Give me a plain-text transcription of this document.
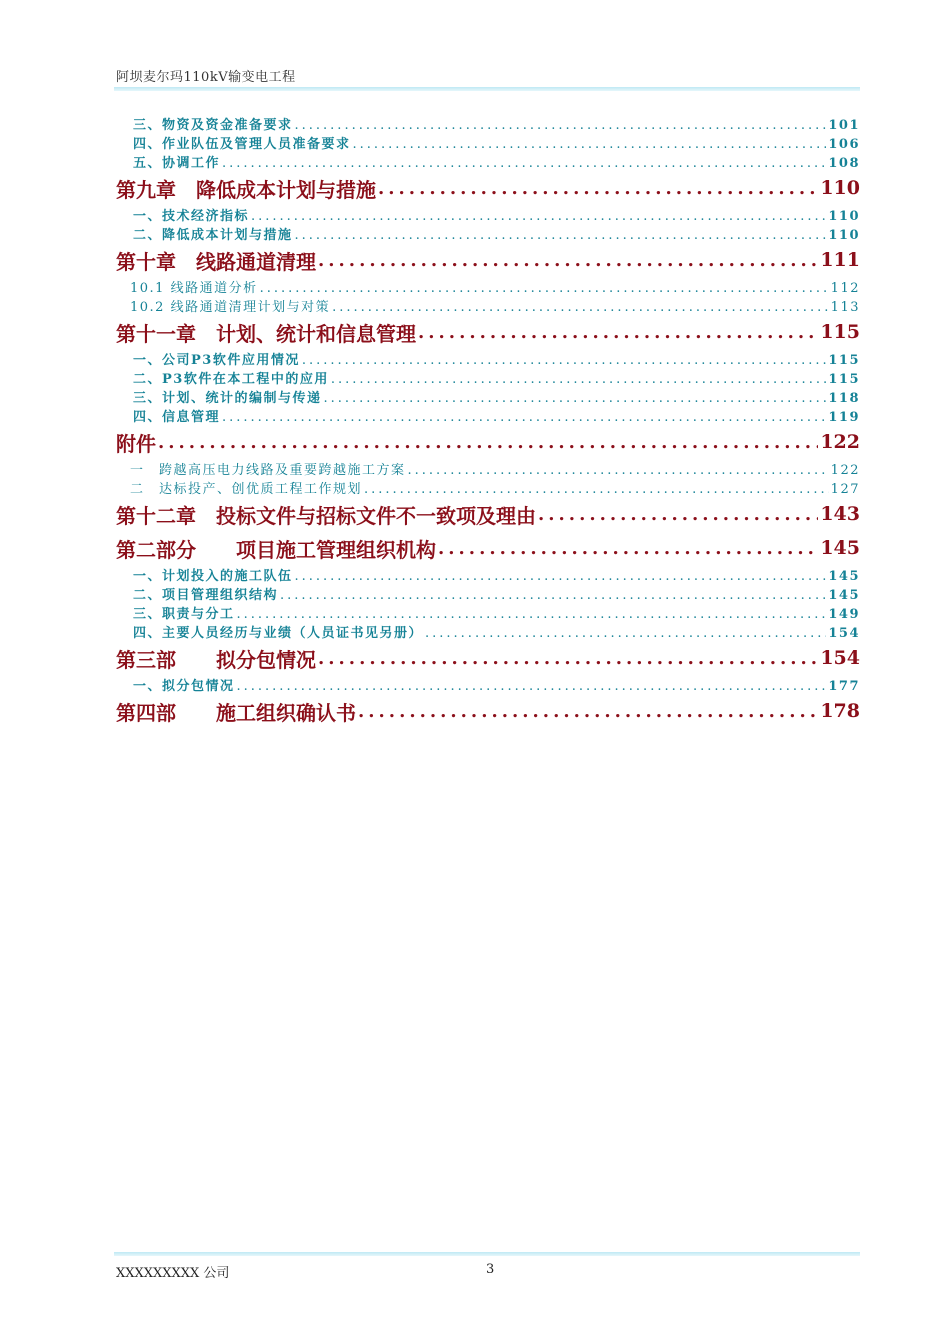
阿坝麦尔玛110kV输变电工程
三、物资及资金准备要求 .....	101
四、作业队伍及管理人员准备要求 .....	106
五、协调工作 .....	108
第九章　降低成本计划与措施 .....	110
一、技术经济指标 .....	110
二、降低成本计划与措施 .....	110
第十章　线路通道清理 .....	111
10.1 线路通道分析 .....	112
10.2 线路通道清理计划与对策 .....	113
第十一章　计划、统计和信息管理 .....	115
一、公司P3软件应用情况 .....	115
二、P3软件在本工程中的应用 .....	115
三、计划、统计的编制与传递 .....	118
四、信息管理 .....	119
附件 .....	122
一　跨越高压电力线路及重要跨越施工方案 .....	122
二　达标投产、创优质工程工作规划 .....	127
第十二章　投标文件与招标文件不一致项及理由 .....	143
第二部分　　项目施工管理组织机构 .....	145
一、计划投入的施工队伍 .....	145
二、项目管理组织结构 .....	145
三、职责与分工 .....	149
四、主要人员经历与业绩（人员证书见另册） .....	154
第三部　　拟分包情况 .....	154
一、拟分包情况 .....	177
第四部　　施工组织确认书 .....	178
XXXXXXXXX 公司	3
